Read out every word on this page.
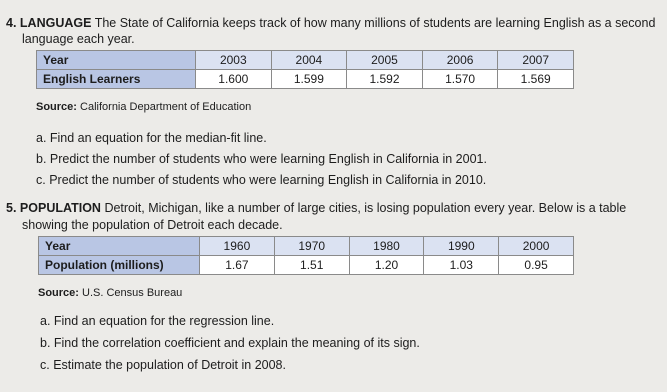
4. LANGUAGE The State of California keeps track of how many millions of students are learning English as a second
language each year.
Year	2003	2004	2005	2006	2007
English Learners	1.600	1.599	1.592	1.570	1.569
Source: California Department of Education
a. Find an equation for the median-fit line.
b. Predict the number of students who were learning English in California in 2001.
c. Predict the number of students who were learning English in California in 2010.
5. POPULATION Detroit, Michigan, like a number of large cities, is losing population every year. Below is a table
showing the population of Detroit each decade.
Year	1960	1970	1980	1990	2000
Population (millions)	1.67	1.51	1.20	1.03	0.95
Source: U.S. Census Bureau
a. Find an equation for the regression line.
b. Find the correlation coefficient and explain the meaning of its sign.
c. Estimate the population of Detroit in 2008.
